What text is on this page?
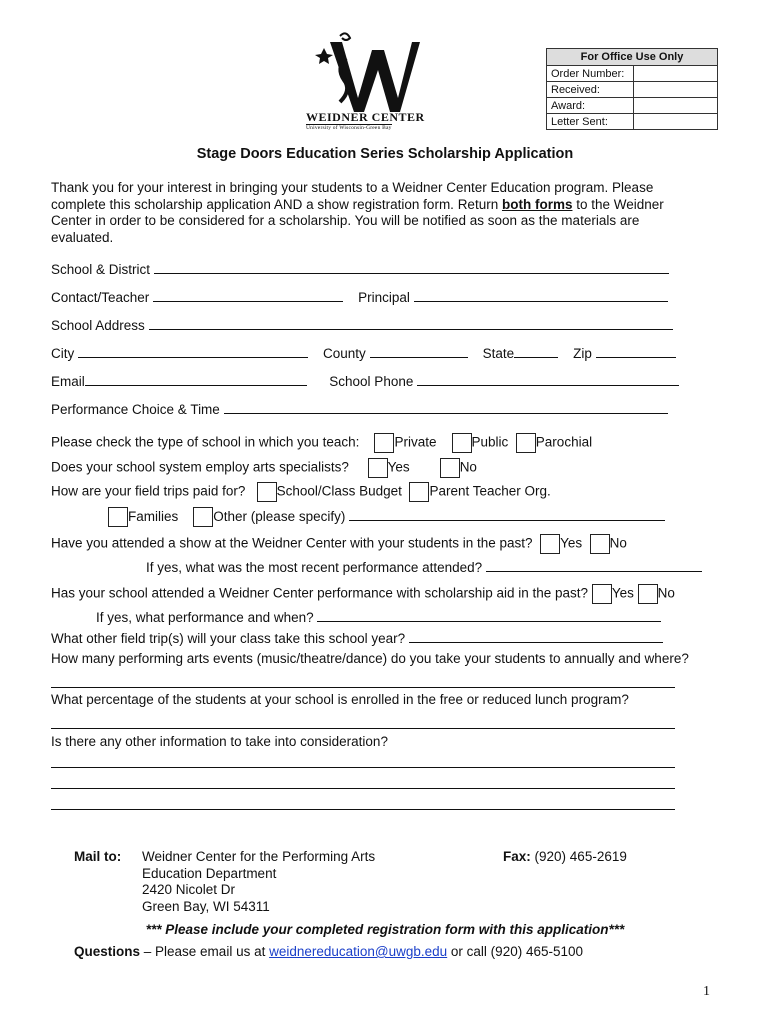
WEIDNER CENTER
University of Wisconsin-Green Bay
For Office Use Only	
Order Number:	
Received:	
Award:	
Letter Sent:	
Stage Doors Education Series Scholarship Application
Thank you for your interest in bringing your students to a Weidner Center Education program. Please complete this scholarship application AND a show registration form. Return both forms to the Weidner Center in order to be considered for a scholarship. You will be notified as soon as the materials are evaluated.
School & District
Contact/Teacher	Principal
School Address
City	County	State	Zip
Email	School Phone
Performance Choice & Time
Please check the type of school in which you teach:	Private	Public Parochial
Does your school system employ arts specialists?	Yes	No
How are your field trips paid for? School/Class Budget Parent Teacher Org.
Families	Other (please specify)
Have you attended a show at the Weidner Center with your students in the past? Yes No
If yes, what was the most recent performance attended?
Has your school attended a Weidner Center performance with scholarship aid in the past? Yes No
If yes, what performance and when?
What other field trip(s) will your class take this school year?
How many performing arts events (music/theatre/dance) do you take your students to annually and where?
What percentage of the students at your school is enrolled in the free or reduced lunch program?
Is there any other information to take into consideration?
Mail to: Weidner Center for the Performing Arts
Education Department
2420 Nicolet Dr
Green Bay, WI 54311
Fax: (920) 465-2619
*** Please include your completed registration form with this application***
Questions – Please email us at weidnereducation@uwgb.edu or call (920) 465-5100
1
